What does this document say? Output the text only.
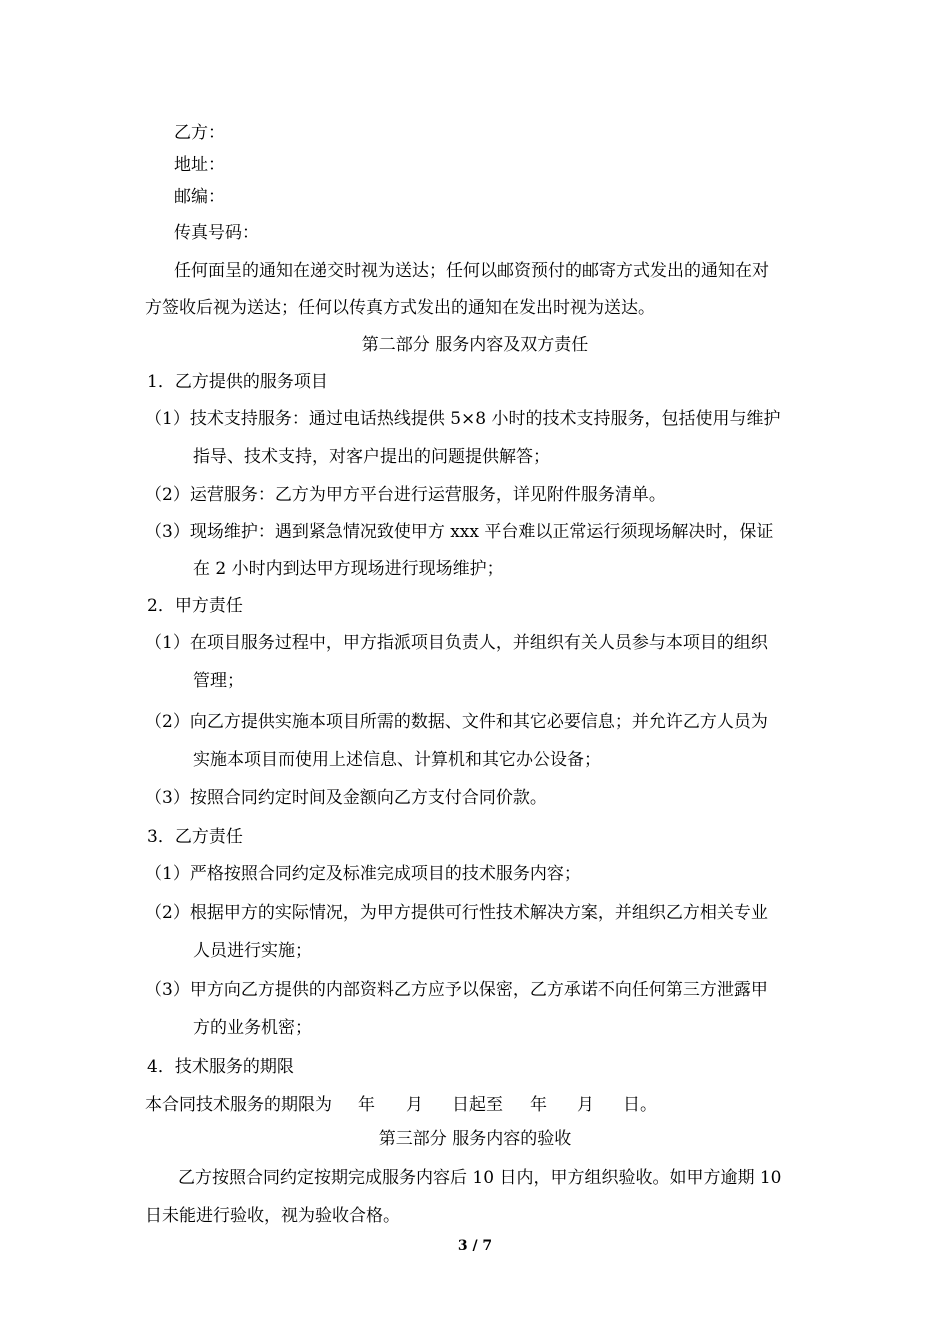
乙方：
地址：
邮编：
传真号码：
任何面呈的通知在递交时视为送达；任何以邮资预付的邮寄方式发出的通知在对
方签收后视为送达；任何以传真方式发出的通知在发出时视为送达。
第二部分 服务内容及双方责任
1．乙方提供的服务项目
（1）技术支持服务：通过电话热线提供 5×8 小时的技术支持服务，包括使用与维护
指导、技术支持，对客户提出的问题提供解答；
（2）运营服务：乙方为甲方平台进行运营服务，详见附件服务清单。
（3）现场维护：遇到紧急情况致使甲方 xxx 平台难以正常运行须现场解决时，保证
在 2 小时内到达甲方现场进行现场维护；
2．甲方责任
（1）在项目服务过程中，甲方指派项目负责人，并组织有关人员参与本项目的组织
管理；
（2）向乙方提供实施本项目所需的数据、文件和其它必要信息；并允许乙方人员为
实施本项目而使用上述信息、计算机和其它办公设备；
（3）按照合同约定时间及金额向乙方支付合同价款。
3．乙方责任
（1）严格按照合同约定及标准完成项目的技术服务内容；
（2）根据甲方的实际情况，为甲方提供可行性技术解决方案，并组织乙方相关专业
人员进行实施；
（3）甲方向乙方提供的内部资料乙方应予以保密，乙方承诺不向任何第三方泄露甲
方的业务机密；
4．技术服务的期限
本合同技术服务的期限为 年 月 日起至 年 月 日。
第三部分 服务内容的验收
乙方按照合同约定按期完成服务内容后 10 日内，甲方组织验收。如甲方逾期 10
日未能进行验收，视为验收合格。
3 / 7
